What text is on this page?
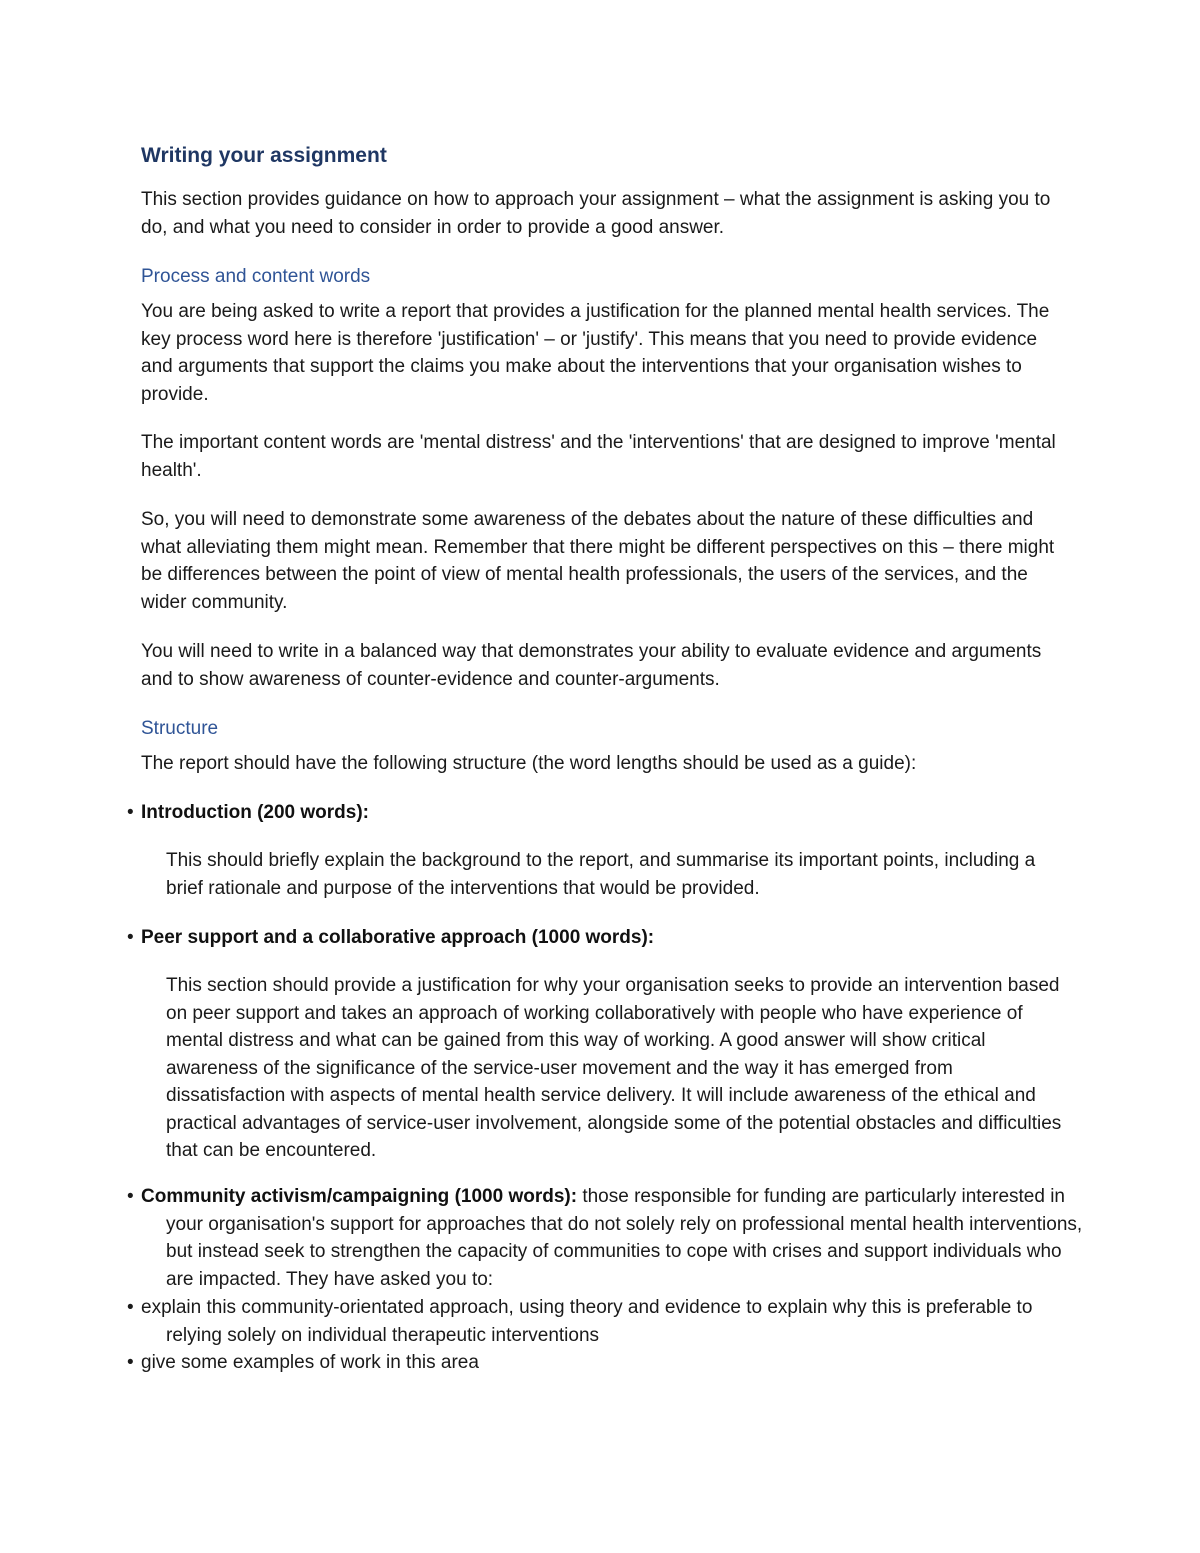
Writing your assignment
This section provides guidance on how to approach your assignment – what the assignment is asking you to do, and what you need to consider in order to provide a good answer.
Process and content words
You are being asked to write a report that provides a justification for the planned mental health services. The key process word here is therefore 'justification' – or 'justify'. This means that you need to provide evidence and arguments that support the claims you make about the interventions that your organisation wishes to provide.
The important content words are 'mental distress' and the 'interventions' that are designed to improve 'mental health'.
So, you will need to demonstrate some awareness of the debates about the nature of these difficulties and what alleviating them might mean. Remember that there might be different perspectives on this – there might be differences between the point of view of mental health professionals, the users of the services, and the wider community.
You will need to write in a balanced way that demonstrates your ability to evaluate evidence and arguments and to show awareness of counter-evidence and counter-arguments.
Structure
The report should have the following structure (the word lengths should be used as a guide):
• Introduction (200 words):
This should briefly explain the background to the report, and summarise its important points, including a brief rationale and purpose of the interventions that would be provided.
• Peer support and a collaborative approach (1000 words):
This section should provide a justification for why your organisation seeks to provide an intervention based on peer support and takes an approach of working collaboratively with people who have experience of mental distress and what can be gained from this way of working. A good answer will show critical awareness of the significance of the service-user movement and the way it has emerged from dissatisfaction with aspects of mental health service delivery. It will include awareness of the ethical and practical advantages of service-user involvement, alongside some of the potential obstacles and difficulties that can be encountered.
• Community activism/campaigning (1000 words): those responsible for funding are particularly interested in your organisation's support for approaches that do not solely rely on professional mental health interventions, but instead seek to strengthen the capacity of communities to cope with crises and support individuals who are impacted. They have asked you to:
• explain this community-orientated approach, using theory and evidence to explain why this is preferable to relying solely on individual therapeutic interventions
• give some examples of work in this area
